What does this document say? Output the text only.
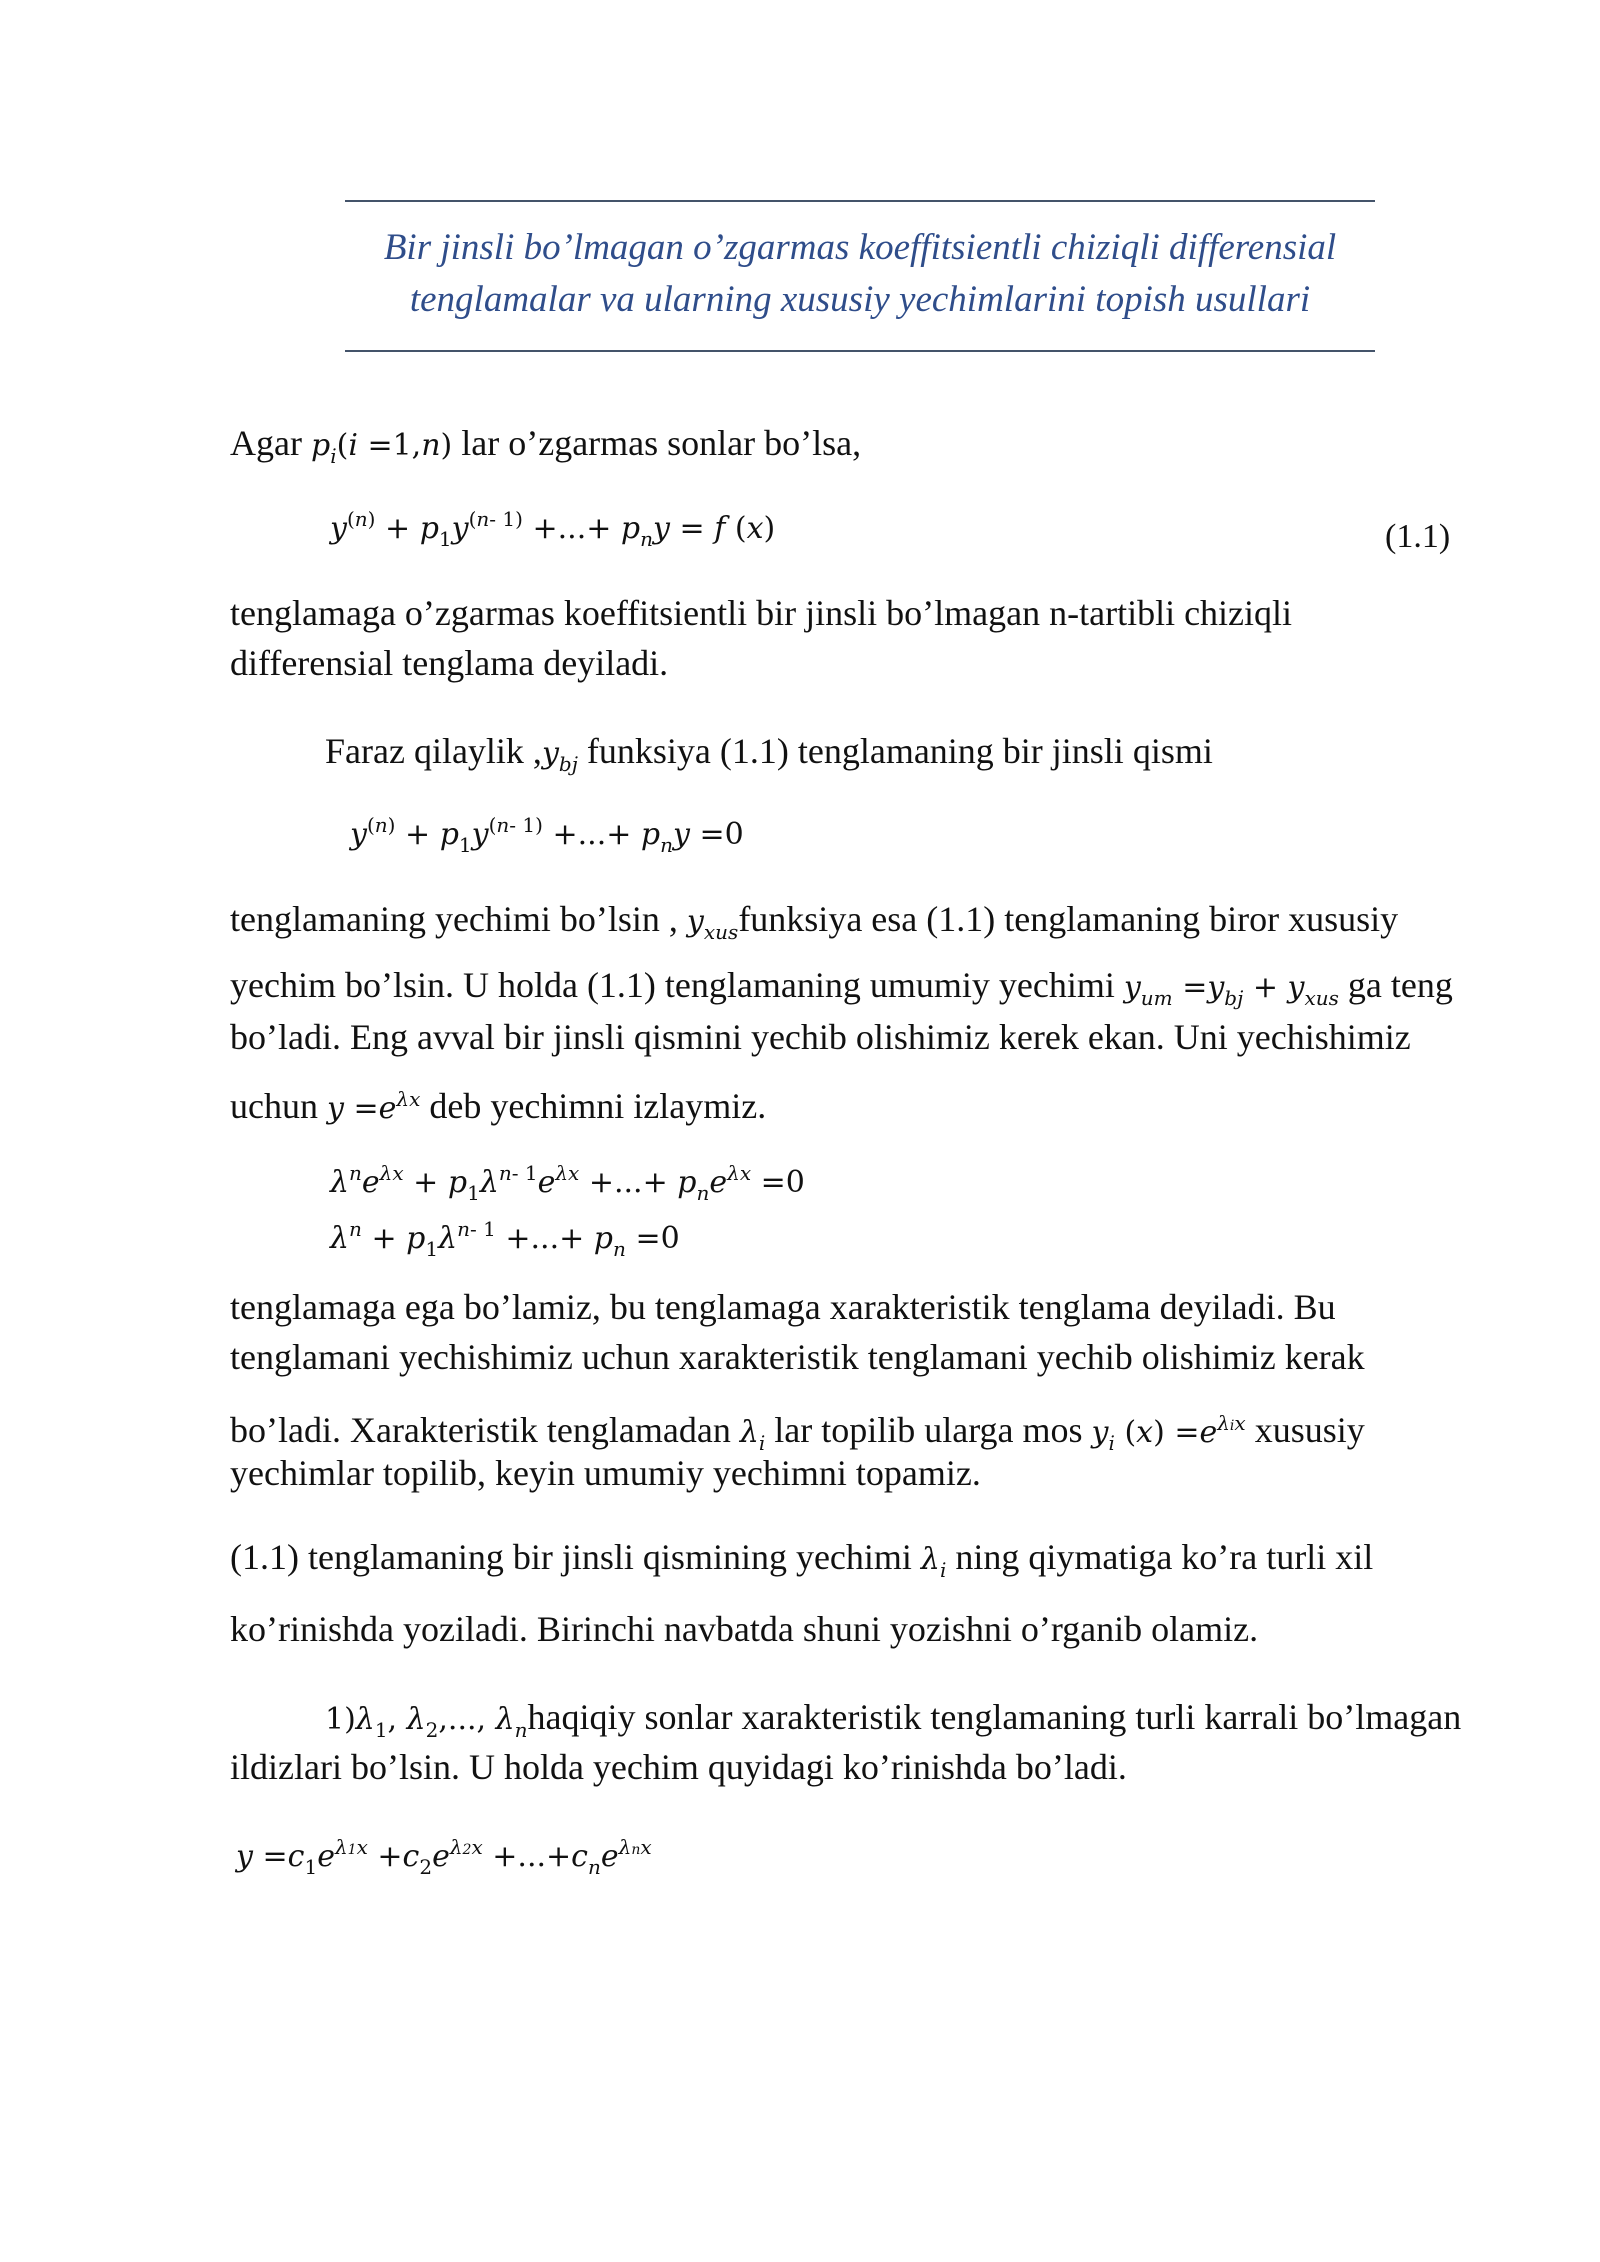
Bir jinsli bo’lmagan o’zgarmas koeffitsientli chiziqli differensial
tenglamalar va ularning xususiy yechimlarini topish usullari
Agar $p_i(i =1,n)$ lar o’zgarmas sonlar bo’lsa,
$y^{(n)} + p_1y^{(n- 1)}$ +...+ $p_ny = f$ (x)	(1.1)
tenglamaga o’zgarmas koeffitsientli bir jinsli bo’lmagan n-tartibli chiziqli
differensial tenglama deyiladi.
Faraz qilaylik $,y_{bj}$ funksiya (1.1) tenglamaning bir jinsli qismi
$y^{(n)} + p_1y^{(n- 1)}$ +...+ $p_ny =0$
tenglamaning yechimi bo’lsin , $y_{xus}funksiya$ esa (1.1) tenglamaning biror xususiy
yechim bo’lsin. U holda (1.1) tenglamaning umumiy yechimi $y_{um} =y_{bj} + y_{xus}$ ga teng
bo’ladi. Eng avval bir jinsli qismini yechib olishimiz kerek ekan. Uni yechishimiz
uchun $y =e^{\lambda x}$ deb yechimni izlaymiz.
$\lambda^ne^{\lambda x} + p_1\lambda^{n- 1}e^{\lambda x}$ +...+ $p_ne^{\lambda x} =0$
$\lambda^n + p_1\lambda^{n- 1}$ +...+ $p_n =0$
tenglamaga ega bo’lamiz, bu tenglamaga xarakteristik tenglama deyiladi. Bu
tenglamani yechishimiz uchun xarakteristik tenglamani yechib olishimiz kerak
bo’ladi. Xarakteristik tenglamadan $\lambda_i$ lar topilib ularga mos $y_i$ $(x) =e^{\lambda ix}$ xususiy
yechimlar topilib, keyin umumiy yechimni topamiz.
(1.1) tenglamaning bir jinsli qismining yechimi $\lambda_i$ ning qiymatiga ko’ra turli xil
ko’rinishda yoziladi. Birinchi navbatda shuni yozishni o’rganib olamiz.
$1)\lambda_1$, $\lambda_2$,..., $\lambda_nhaqiqiy$ sonlar xarakteristik tenglamaning turli karrali bo’lmagan
ildizlari bo’lsin. U holda yechim quyidagi ko’rinishda bo’ladi.
$y =c_1e^{\lambda 1x} +c_2e^{\lambda 2x} +...+c_ne^{\lambda nx}$
